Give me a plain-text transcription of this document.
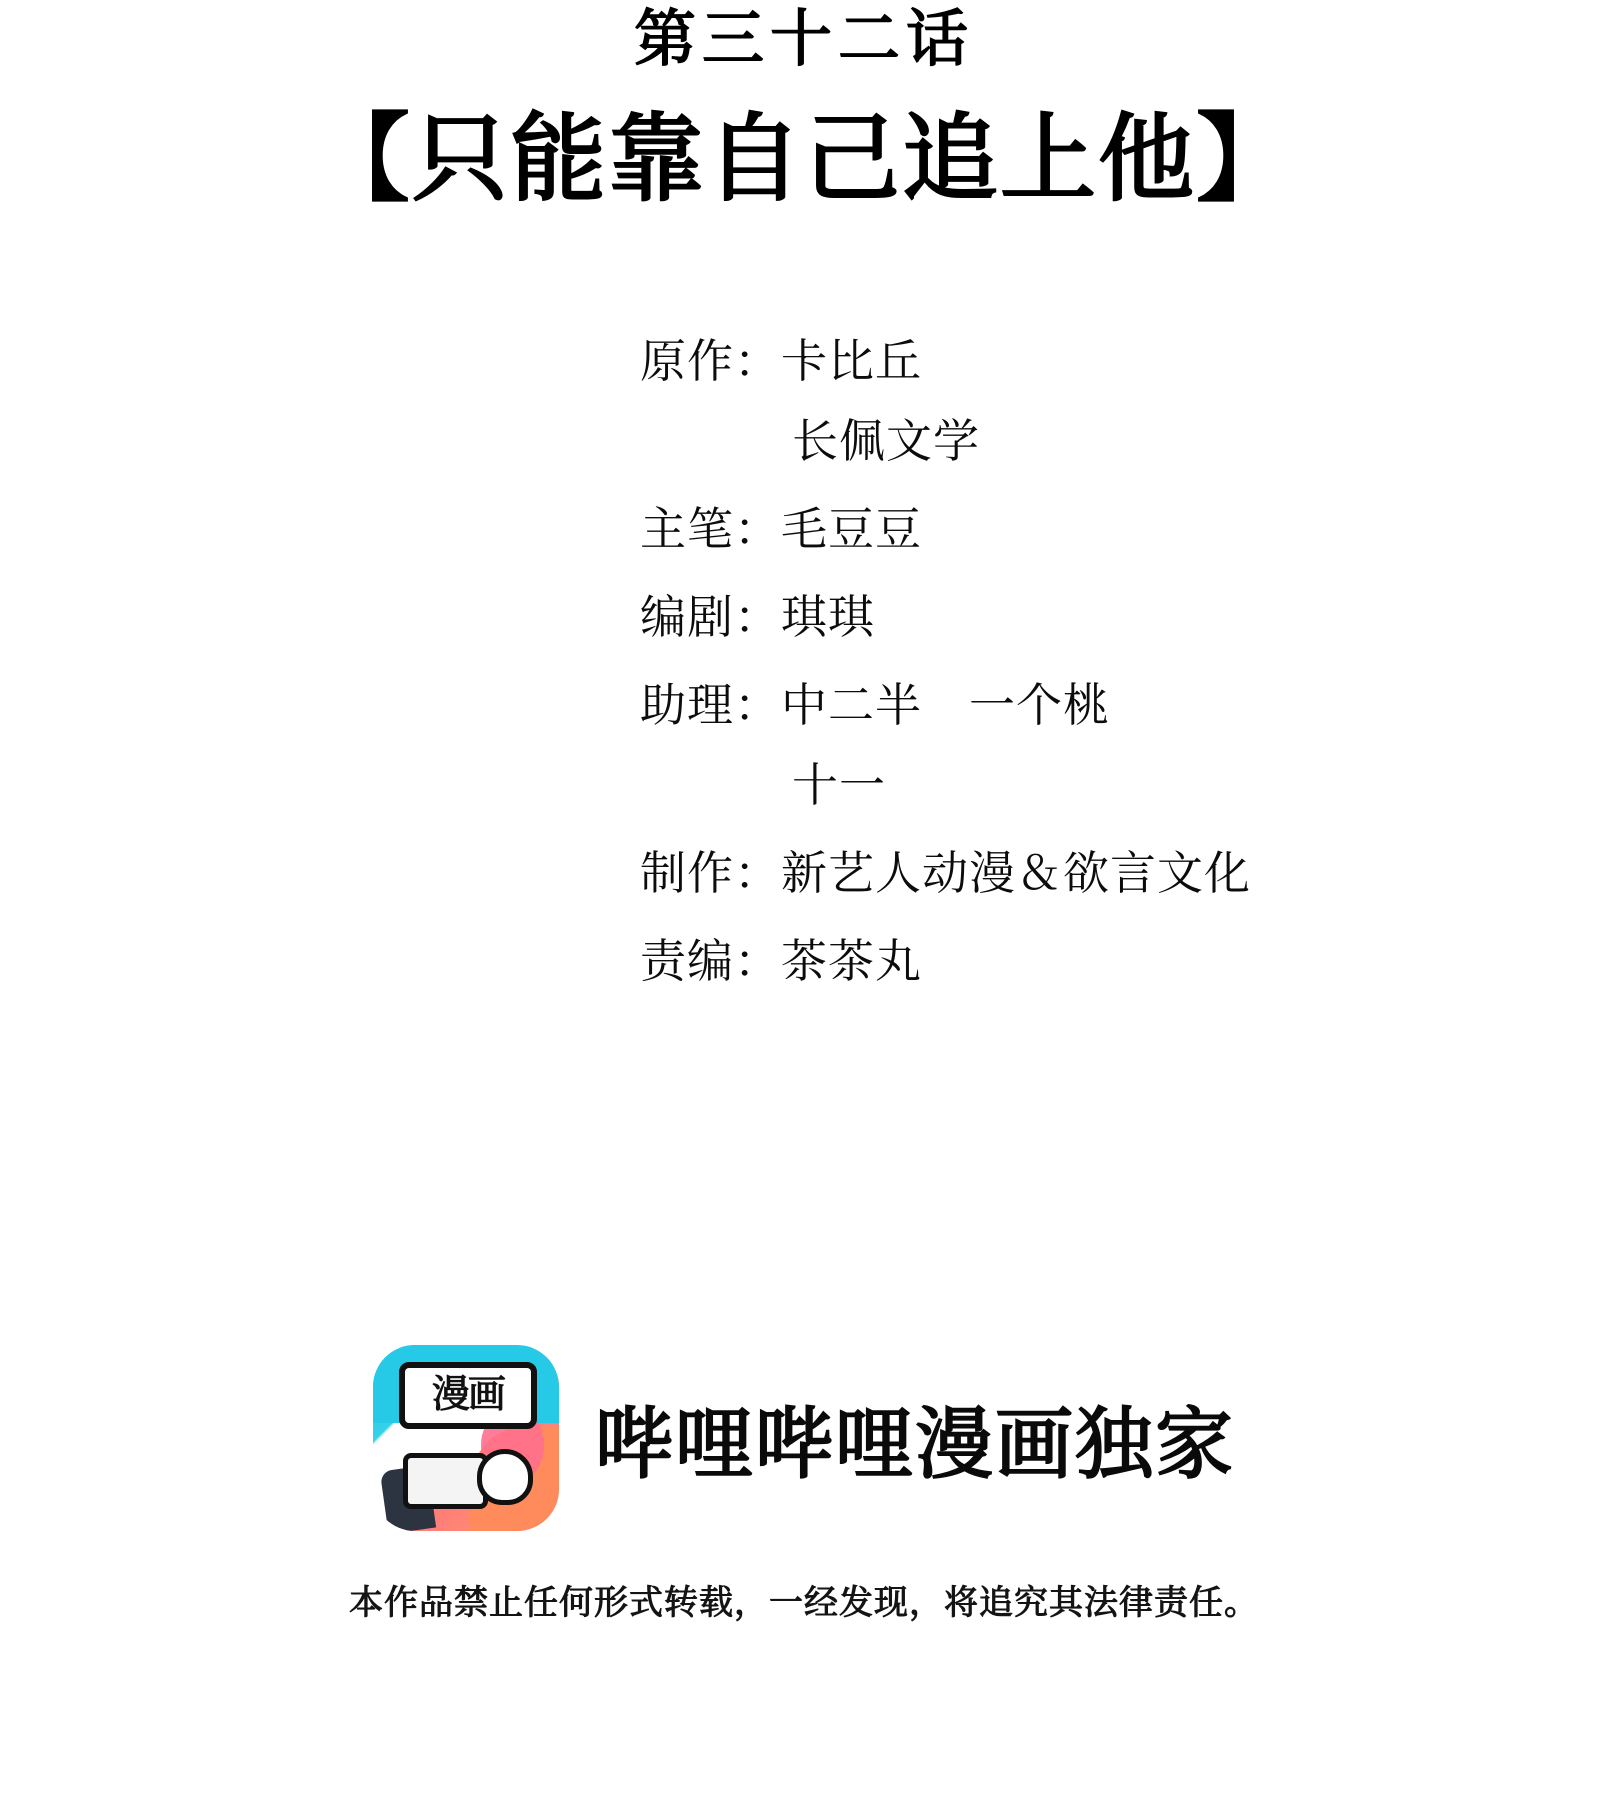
第三十二话
【只能靠自己追上他】
原作： 卡比丘
长佩文学
主笔： 毛豆豆
编剧： 琪琪
助理： 中二半　一个桃
十一
制作： 新艺人动漫＆欲言文化
责编： 茶茶丸
漫画
哔哩哔哩漫画独家
本作品禁止任何形式转载，一经发现，将追究其法律责任。
